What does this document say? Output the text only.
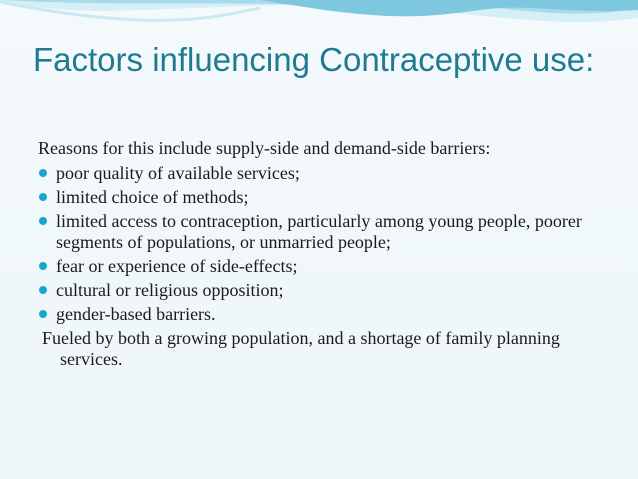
Factors influencing Contraceptive use:

Reasons for this include supply-side and demand-side barriers:

poor quality of available services;
limited choice of methods;
limited access to contraception, particularly among young people, poorer segments of populations, or unmarried people;
fear or experience of side-effects;
cultural or religious opposition;
gender-based barriers.

Fueled by both a growing population, and a shortage of family planning services.
